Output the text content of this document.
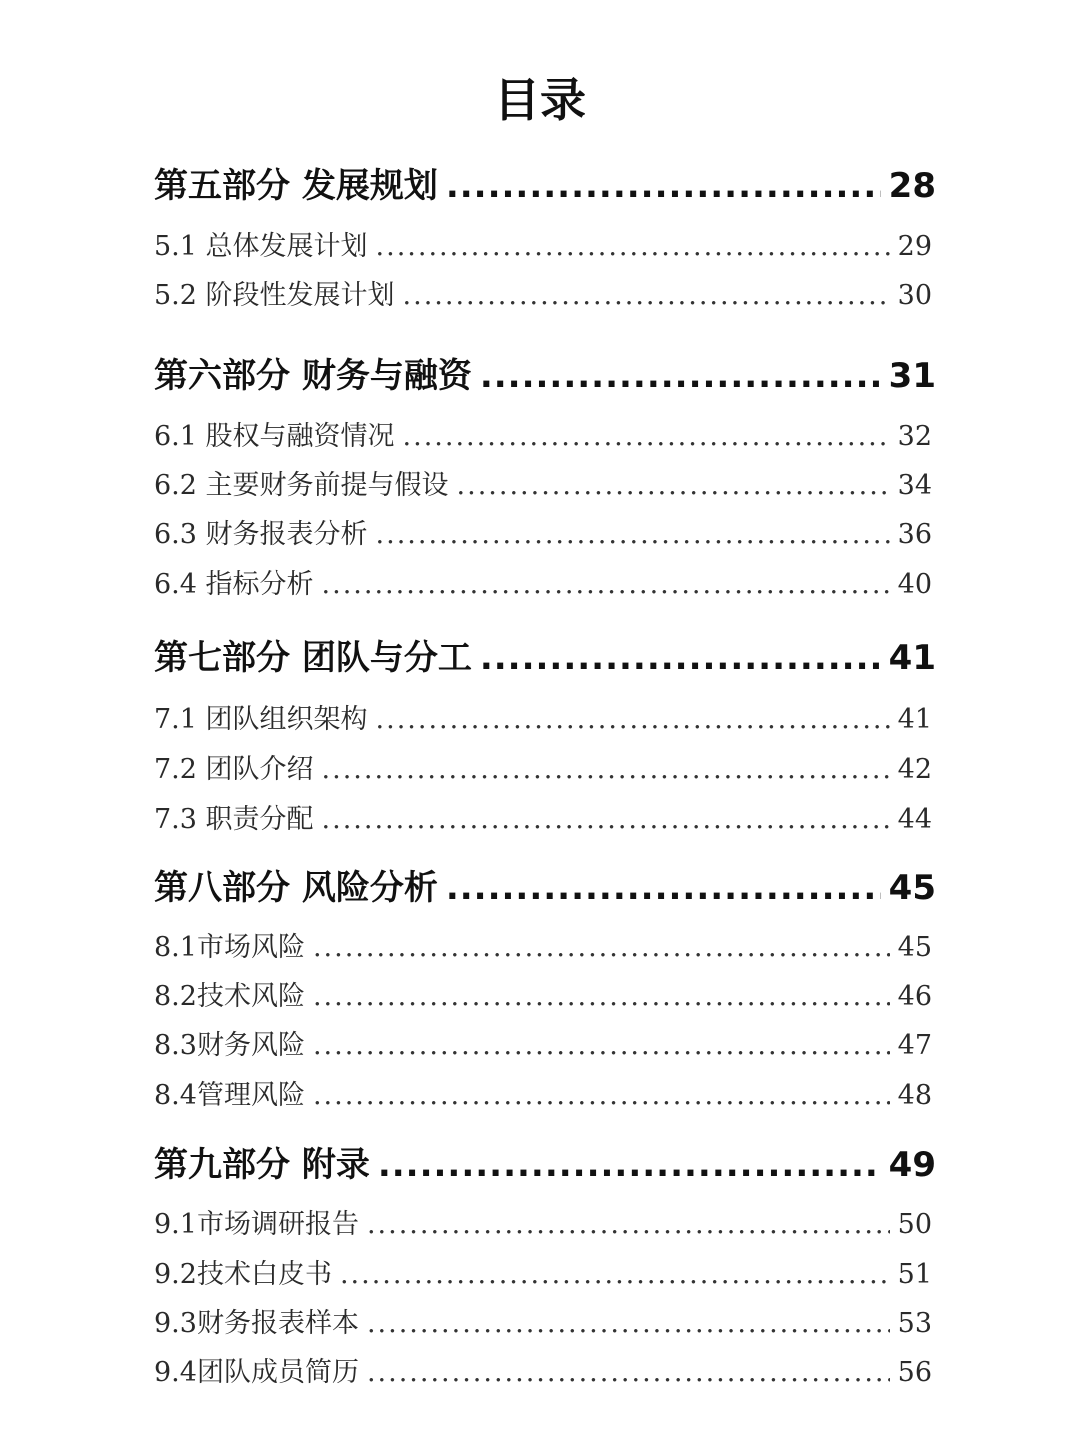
目录
第五部分 发展规划 .....	28
5.1 总体发展计划 .....	29
5.2 阶段性发展计划 .....	30
第六部分 财务与融资 .....	31
6.1 股权与融资情况 .....	32
6.2 主要财务前提与假设 .....	34
6.3 财务报表分析 .....	36
6.4 指标分析 .....	40
第七部分 团队与分工 .....	41
7.1 团队组织架构 .....	41
7.2 团队介绍 .....	42
7.3 职责分配 .....	44
第八部分 风险分析 .....	45
8.1市场风险 .....	45
8.2技术风险 .....	46
8.3财务风险 .....	47
8.4管理风险 .....	48
第九部分 附录 .....	49
9.1市场调研报告 .....	50
9.2技术白皮书 .....	51
9.3财务报表样本 .....	53
9.4团队成员简历 .....	56
